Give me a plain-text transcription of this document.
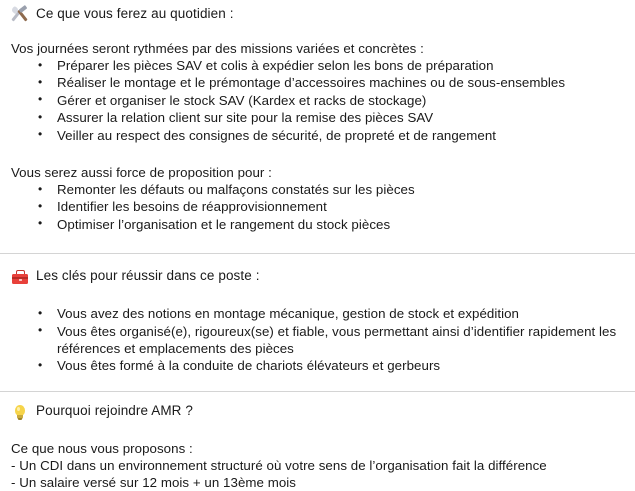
Ce que vous ferez au quotidien :
Vos journées seront rythmées par des missions variées et concrètes :
• Préparer les pièces SAV et colis à expédier selon les bons de préparation
• Réaliser le montage et le prémontage d’accessoires machines ou de sous-ensembles
• Gérer et organiser le stock SAV (Kardex et racks de stockage)
• Assurer la relation client sur site pour la remise des pièces SAV
• Veiller au respect des consignes de sécurité, de propreté et de rangement
Vous serez aussi force de proposition pour :
• Remonter les défauts ou malfaçons constatés sur les pièces
• Identifier les besoins de réapprovisionnement
• Optimiser l’organisation et le rangement du stock pièces
Les clés pour réussir dans ce poste :
• Vous avez des notions en montage mécanique, gestion de stock et expédition
• Vous êtes organisé(e), rigoureux(se) et fiable, vous permettant ainsi d’identifier rapidement les références et emplacements des pièces
• Vous êtes formé à la conduite de chariots élévateurs et gerbeurs
Pourquoi rejoindre AMR ?
Ce que nous vous proposons :
- Un CDI dans un environnement structuré où votre sens de l’organisation fait la différence
- Un salaire versé sur 12 mois + un 13ème mois
